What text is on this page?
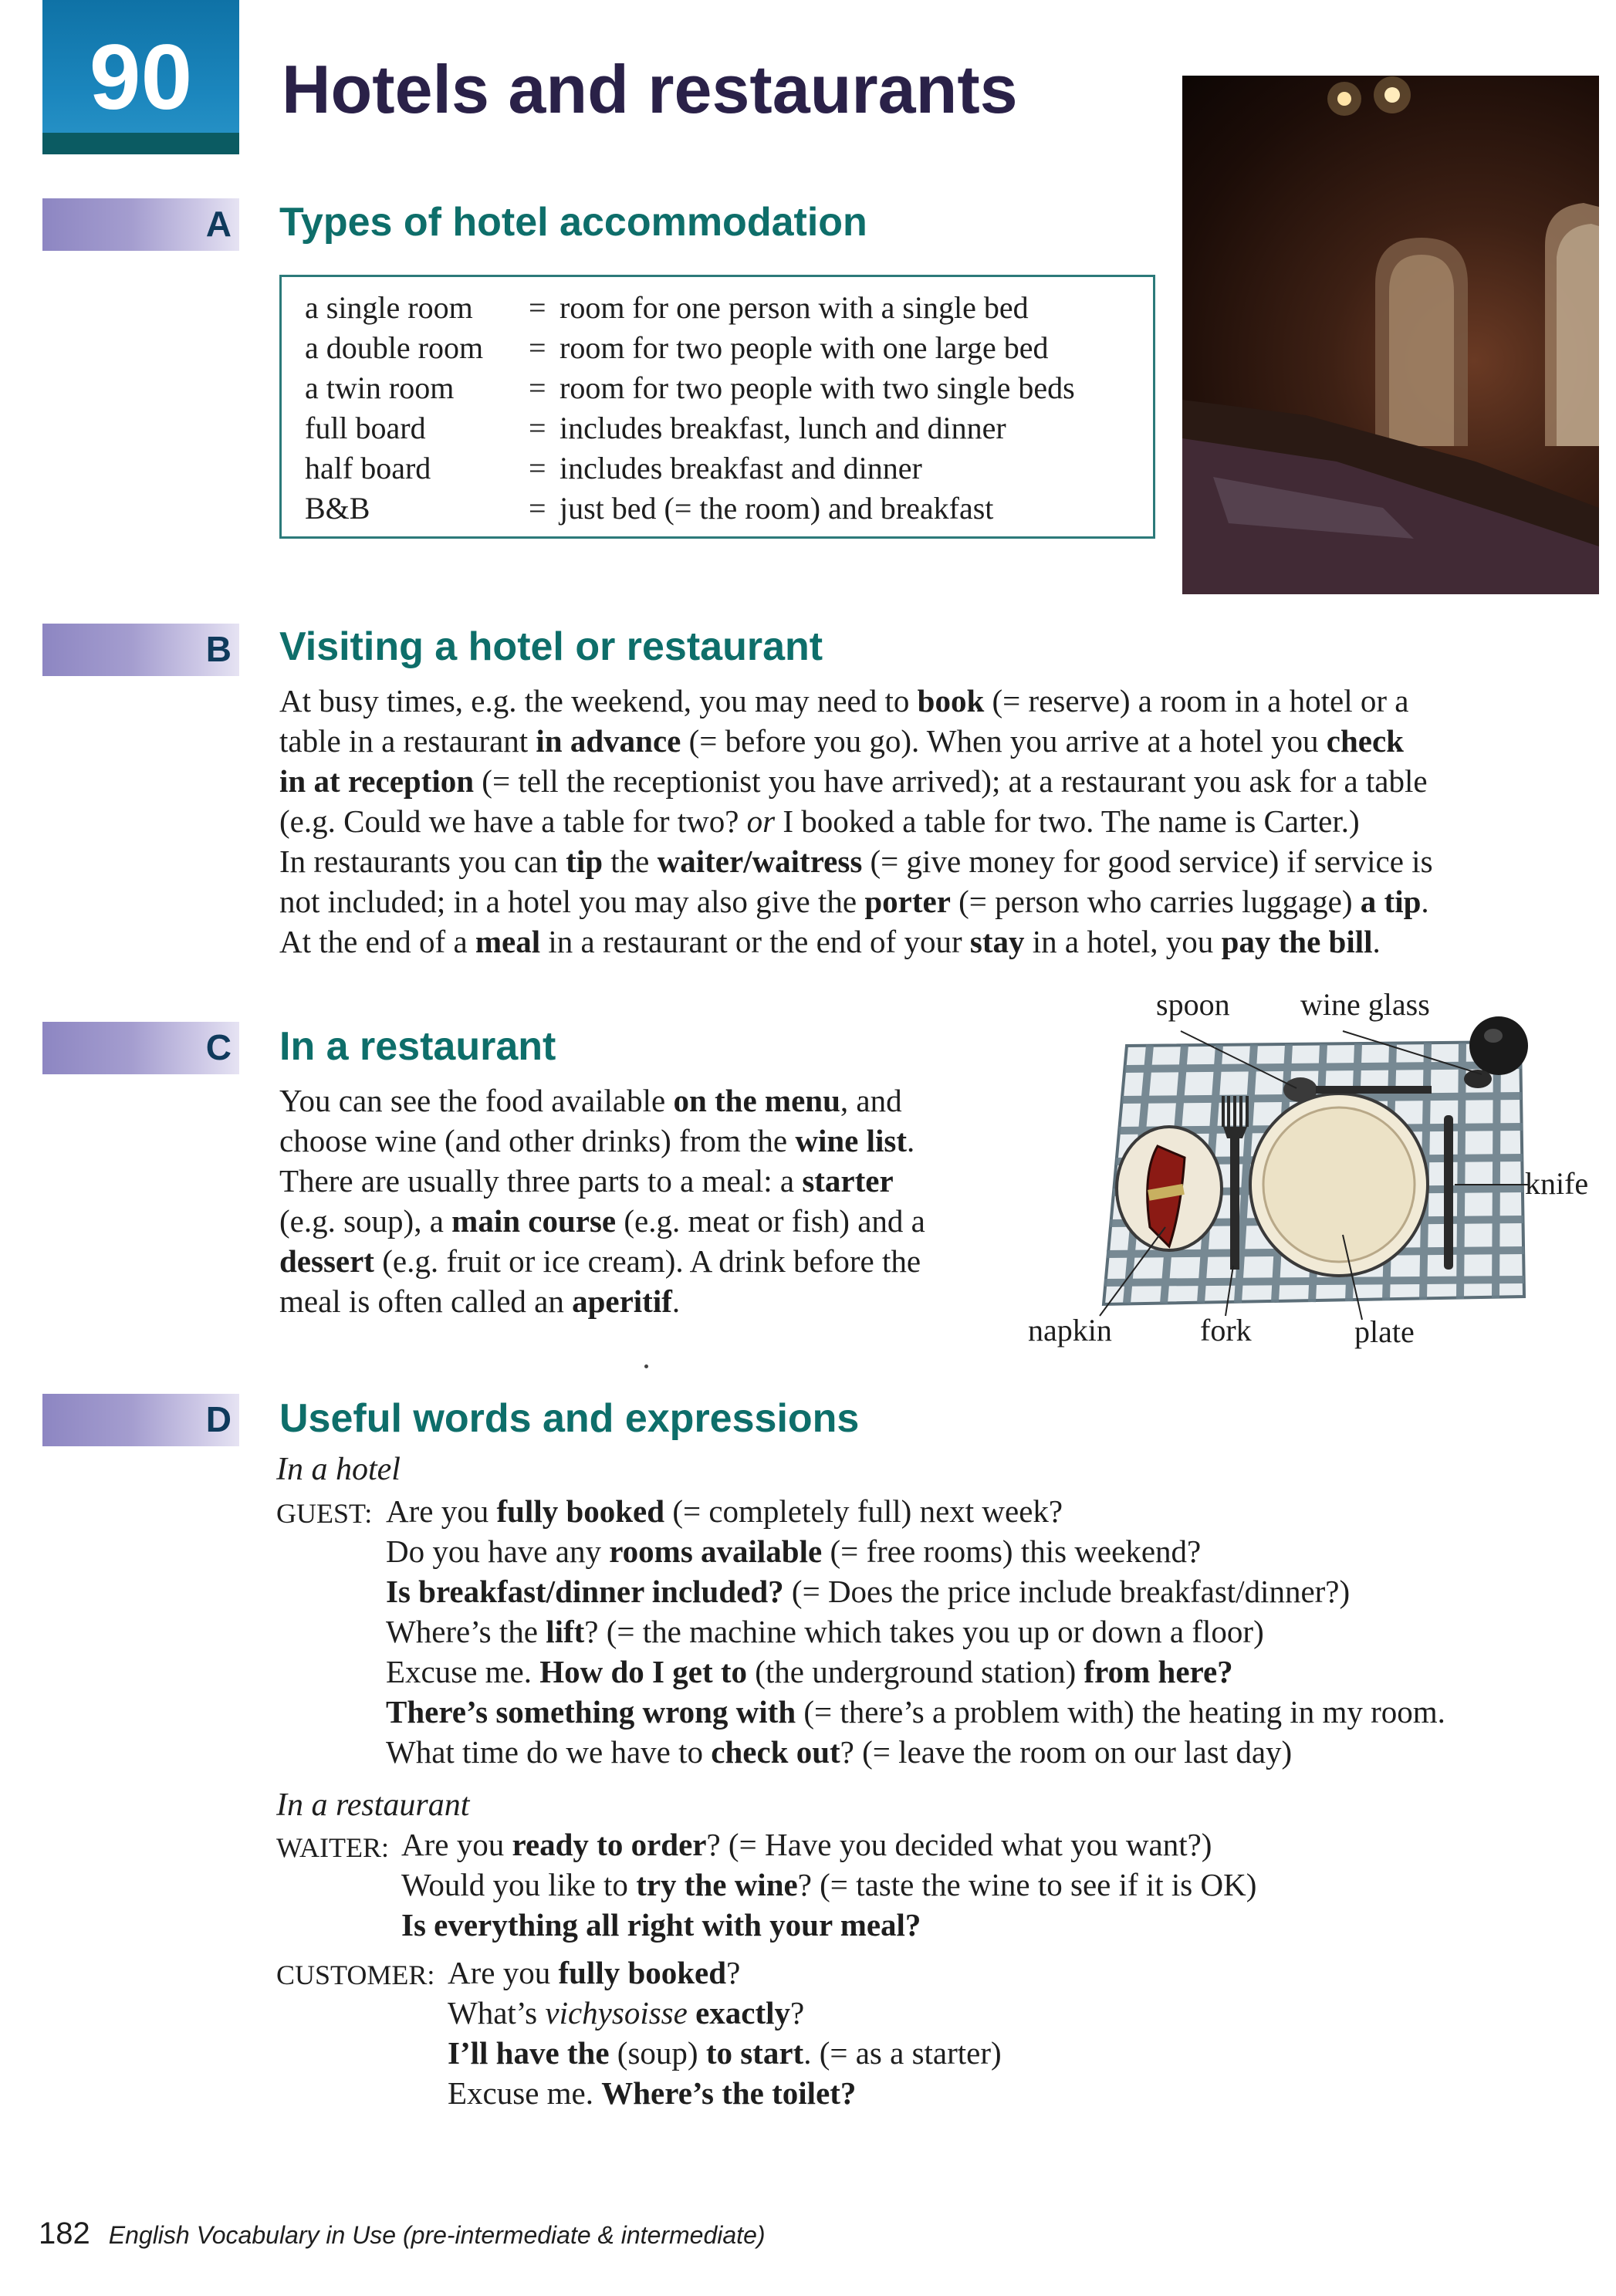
90	Hotels and restaurants
A Types of hotel accommodation
a single room	= room for one person with a single bed
a double room	= room for two people with one large bed
a twin room	= room for two people with two single beds
full board	= includes breakfast, lunch and dinner
half board	= includes breakfast and dinner
B&B	= just bed (= the room) and breakfast
B Visiting a hotel or restaurant
At busy times, e.g. the weekend, you may need to book (= reserve) a room in a hotel or a
table in a restaurant in advance (= before you go). When you arrive at a hotel you check
in at reception (= tell the receptionist you have arrived); at a restaurant you ask for a table
(e.g. Could we have a table for two? or I booked a table for two. The name is Carter.)
In restaurants you can tip the waiter/waitress (= give money for good service) if service is
not included; in a hotel you may also give the porter (= person who carries luggage) a tip.
At the end of a meal in a restaurant or the end of your stay in a hotel, you pay the bill.
C In a restaurant
You can see the food available on the menu, and
choose wine (and other drinks) from the wine list.
There are usually three parts to a meal: a starter
(e.g. soup), a main course (e.g. meat or fish) and a
dessert (e.g. fruit or ice cream). A drink before the
meal is often called an aperitif.
spoon wine glass
knife
napkin	fork	plate
D Useful words and expressions
In a hotel
GUEST: Are you fully booked (= completely full) next week?
Do you have any rooms available (= free rooms) this weekend?
Is breakfast/dinner included? (= Does the price include breakfast/dinner?)
Where’s the lift? (= the machine which takes you up or down a floor)
Excuse me. How do I get to (the underground station) from here?
There’s something wrong with (= there’s a problem with) the heating in my room.
What time do we have to check out? (= leave the room on our last day)
In a restaurant
WAITER: Are you ready to order? (= Have you decided what you want?)
Would you like to try the wine? (= taste the wine to see if it is OK)
Is everything all right with your meal?
CUSTOMER: Are you fully booked?
What’s vichysoisse exactly?
I’ll have the (soup) to start. (= as a starter)
Excuse me. Where’s the toilet?
182 English Vocabulary in Use (pre-intermediate & intermediate)
